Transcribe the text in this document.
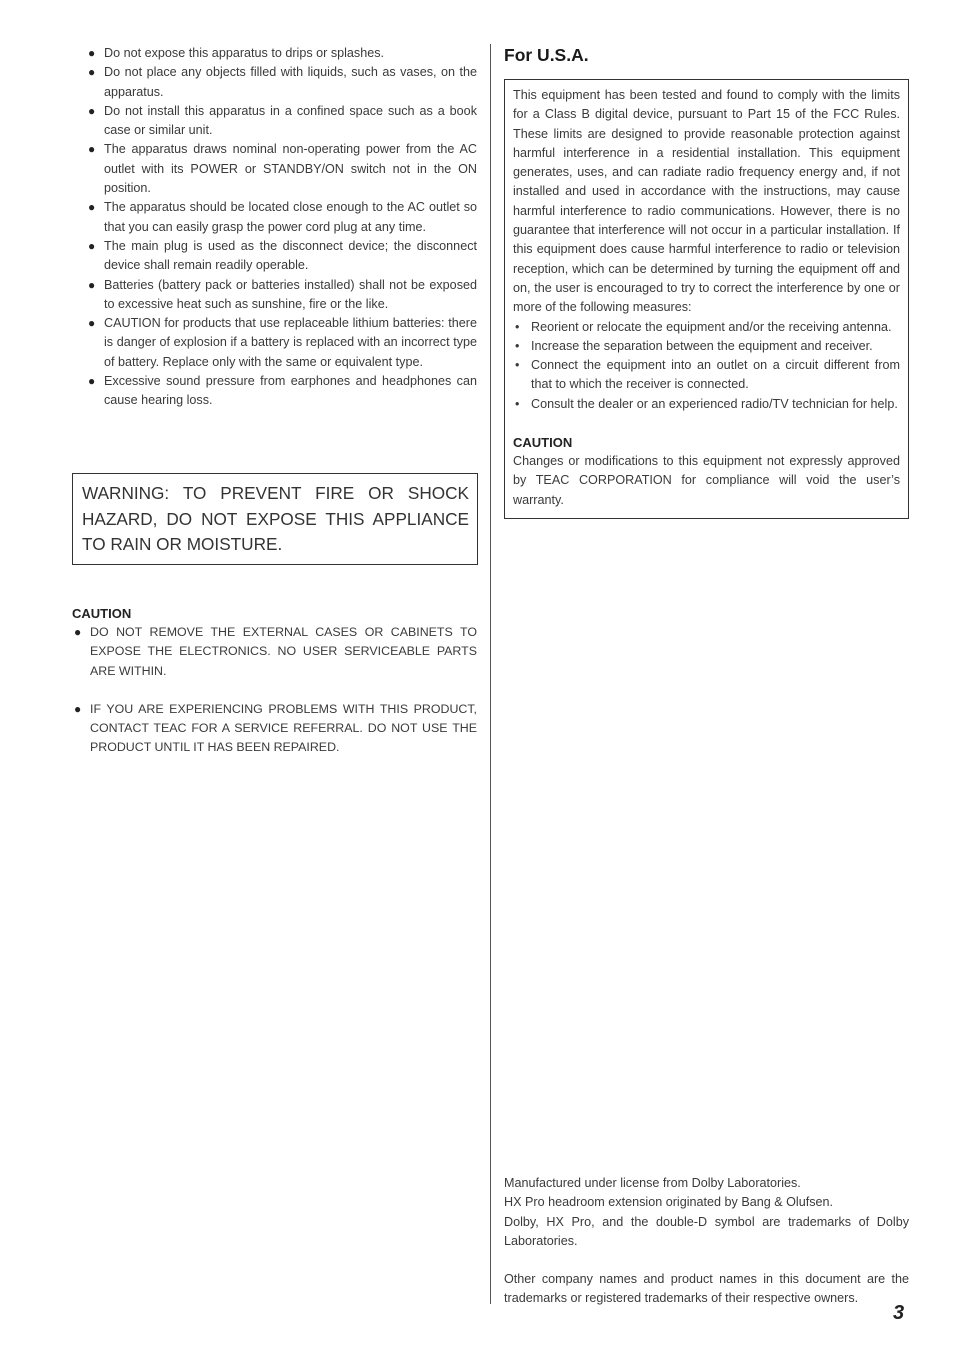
● Do not expose this apparatus to drips or splashes.
● Do not place any objects filled with liquids, such as vases, on the apparatus.
● Do not install this apparatus in a confined space such as a book case or similar unit.
● The apparatus draws nominal non-operating power from the AC outlet with its POWER or STANDBY/ON switch not in the ON position.
● The apparatus should be located close enough to the AC outlet so that you can easily grasp the power cord plug at any time.
● The main plug is used as the disconnect device; the disconnect device shall remain readily operable.
● Batteries (battery pack or batteries installed) shall not be exposed to excessive heat such as sunshine, fire or the like.
● CAUTION for products that use replaceable lithium batteries: there is danger of explosion if a battery is replaced with an incorrect type of battery. Replace only with the same or equivalent type.
● Excessive sound pressure from earphones and headphones can cause hearing loss.
WARNING: TO PREVENT FIRE OR SHOCK HAZARD, DO NOT EXPOSE THIS APPLIANCE TO RAIN OR MOISTURE.
CAUTION
● DO NOT REMOVE THE EXTERNAL CASES OR CABINETS TO EXPOSE THE ELECTRONICS. NO USER SERVICEABLE PARTS ARE WITHIN.
● IF YOU ARE EXPERIENCING PROBLEMS WITH THIS PRODUCT, CONTACT TEAC FOR A SERVICE REFERRAL. DO NOT USE THE PRODUCT UNTIL IT HAS BEEN REPAIRED.
For U.S.A.

This equipment has been tested and found to comply with the limits for a Class B digital device, pursuant to Part 15 of the FCC Rules. These limits are designed to provide reasonable protection against harmful interference in a residential installation. This equipment generates, uses, and can radiate radio frequency energy and, if not installed and used in accordance with the instructions, may cause harmful interference to radio communications. However, there is no guarantee that interference will not occur in a particular installation. If this equipment does cause harmful interference to radio or television reception, which can be determined by turning the equipment off and on, the user is encouraged to try to correct the interference by one or more of the following measures:

• Reorient or relocate the equipment and/or the receiving antenna.
• Increase the separation between the equipment and receiver.
• Connect the equipment into an outlet on a circuit different from that to which the receiver is connected.
• Consult the dealer or an experienced radio/TV technician for help.
CAUTION

Changes or modifications to this equipment not expressly approved by TEAC CORPORATION for compliance will void the user’s warranty.

Manufactured under license from Dolby Laboratories.

HX Pro headroom extension originated by Bang & Olufsen.

Dolby, HX Pro, and the double-D symbol are trademarks of Dolby Laboratories.

Other company names and product names in this document are the trademarks or registered trademarks of their respective owners.

3
